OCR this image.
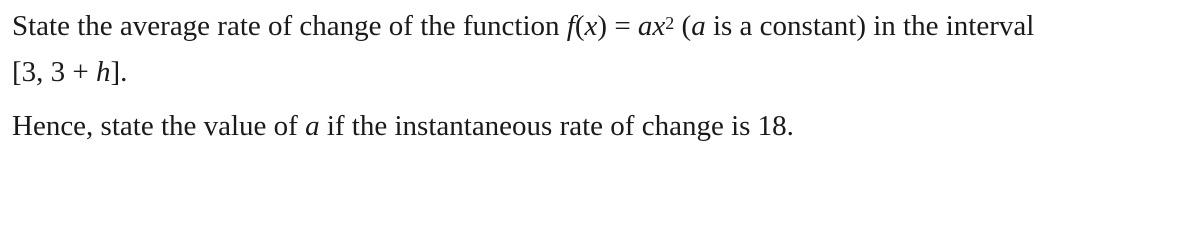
State the average rate of change of the function $f(x) = ax^2$ (a is a constant) in the interval
[3, 3 + h].
Hence, state the value of a if the instantaneous rate of change is 18.
